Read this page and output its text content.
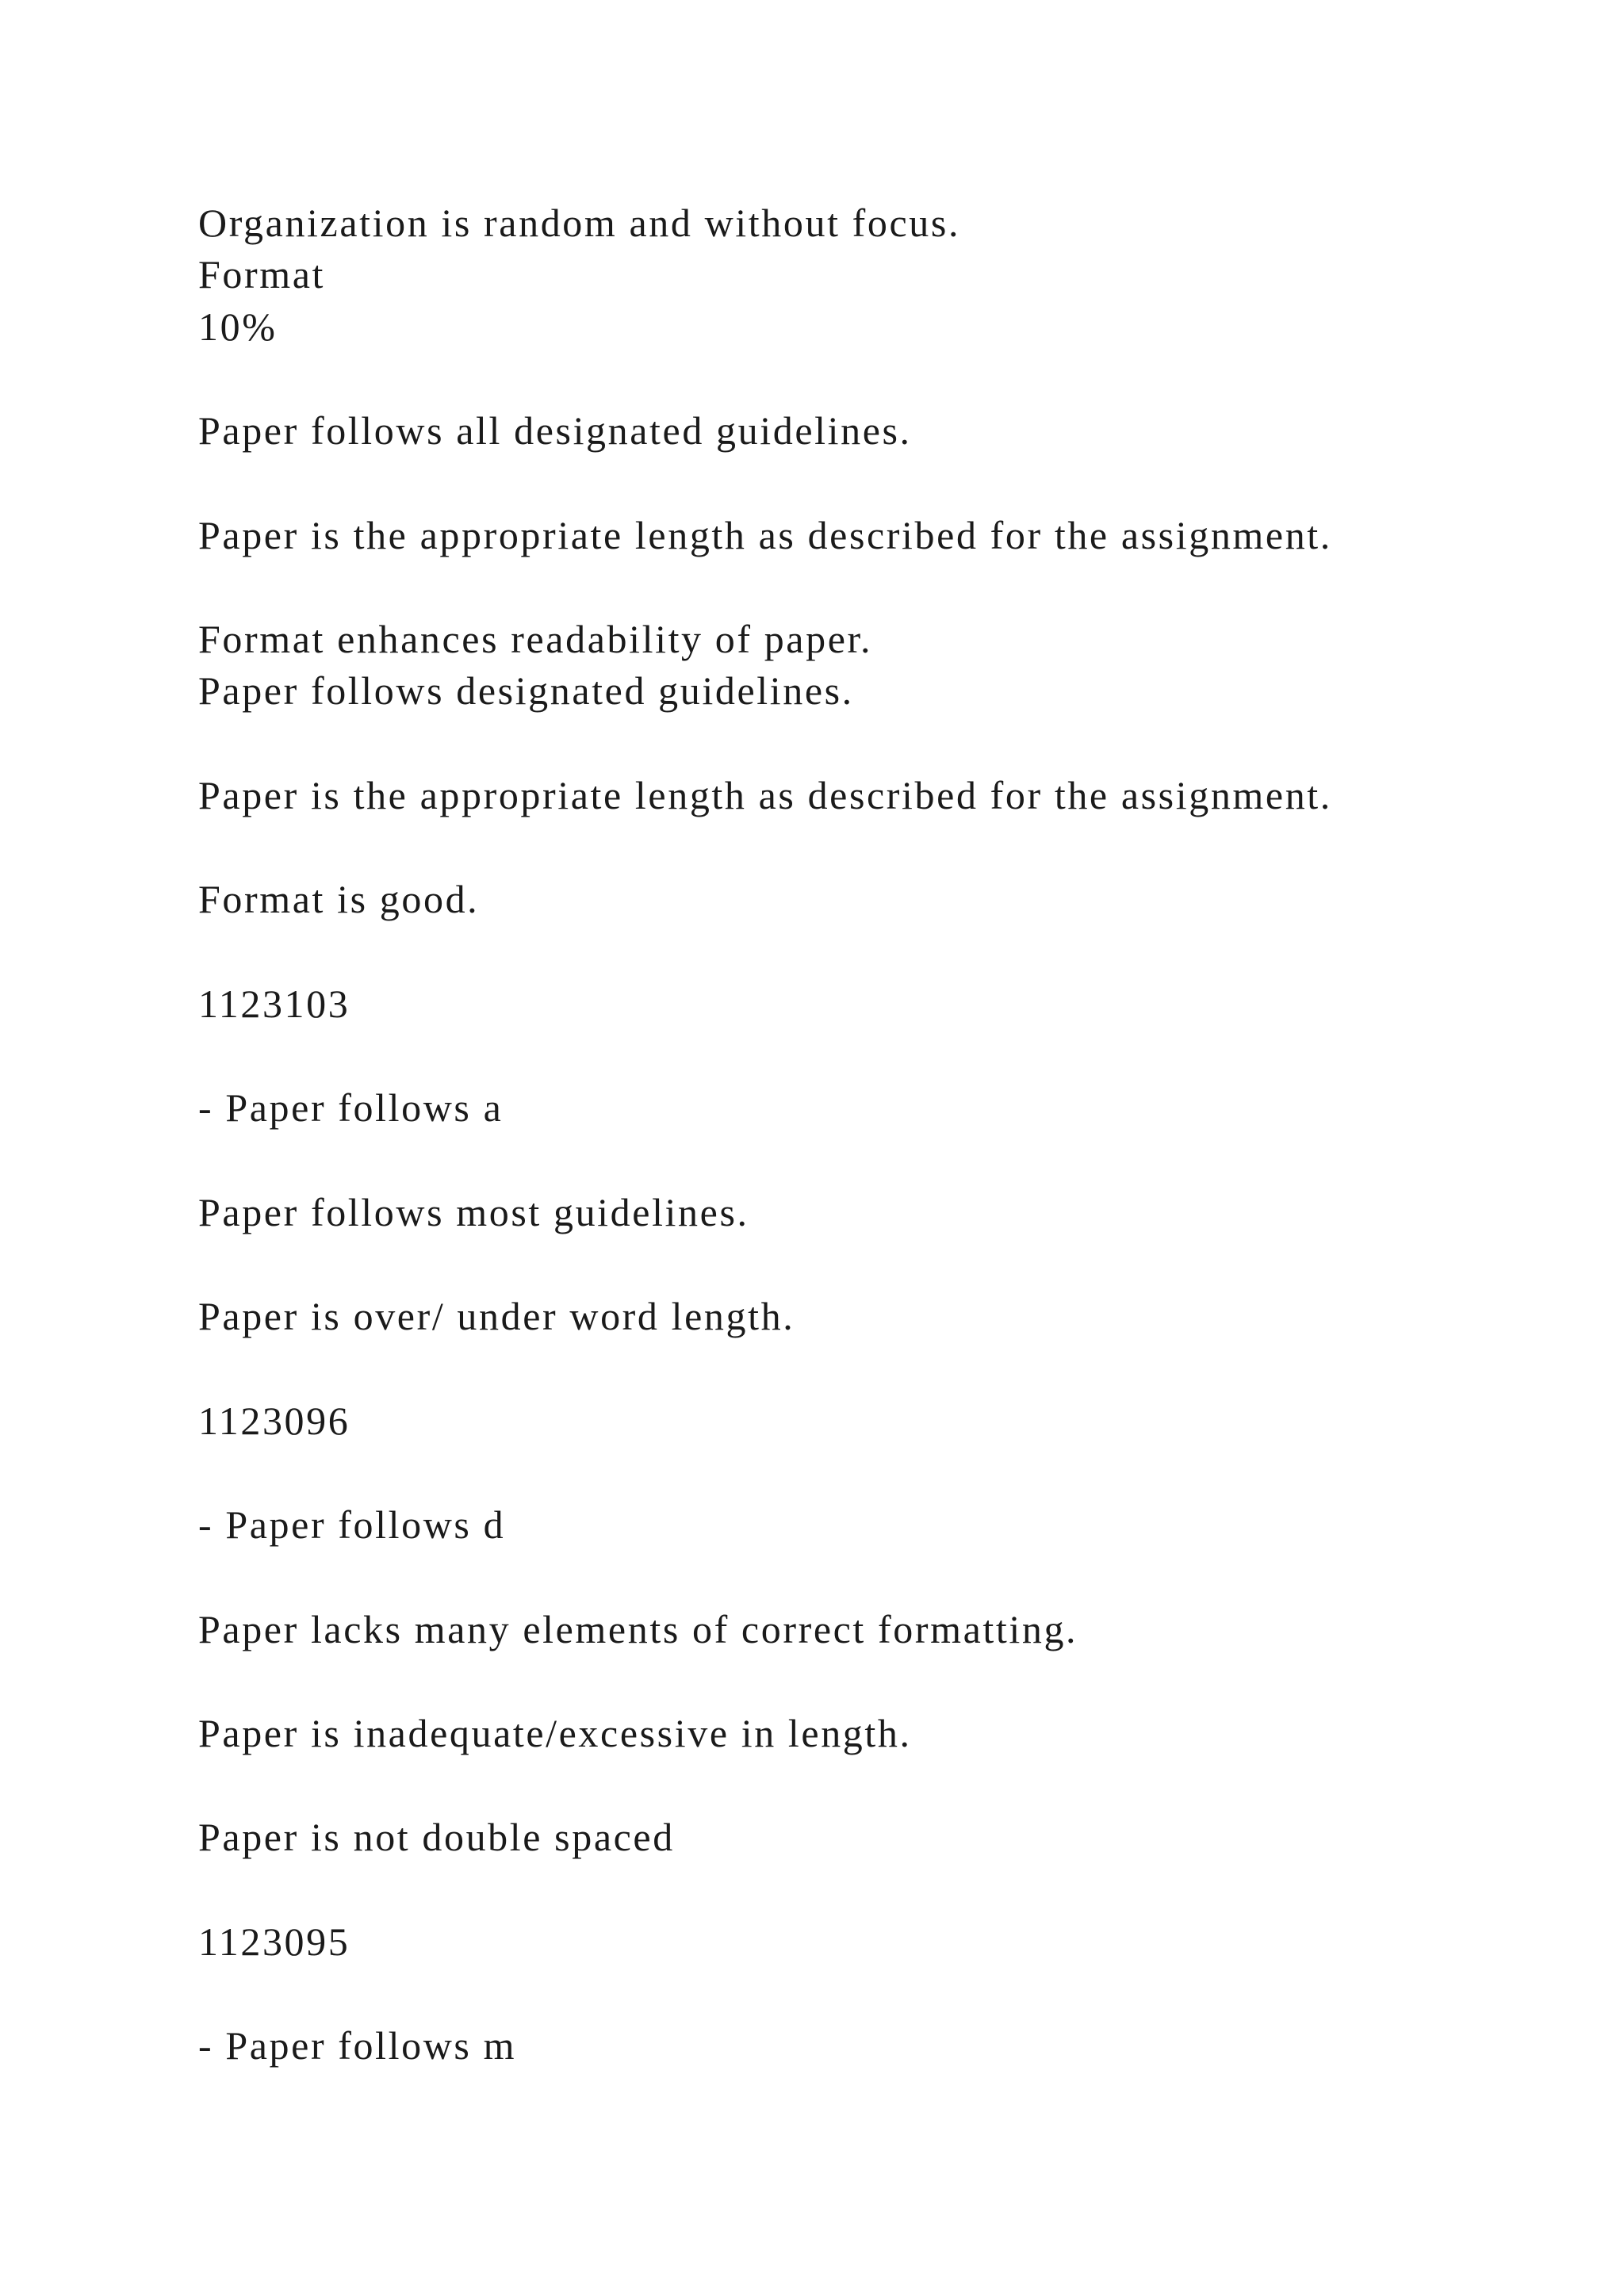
Organization is random and without focus.

Format

10%

Paper follows all designated guidelines.

Paper is the appropriate length as described for the assignment.

Format enhances readability of paper.

Paper follows designated guidelines.

Paper is the appropriate length as described for the assignment.

Format is good.

1123103

- Paper follows a

Paper follows most guidelines.

Paper is over/ under word length.

1123096

- Paper follows d

Paper lacks many elements of correct formatting.

Paper is inadequate/excessive in length.

Paper is not double spaced

1123095

- Paper follows m
